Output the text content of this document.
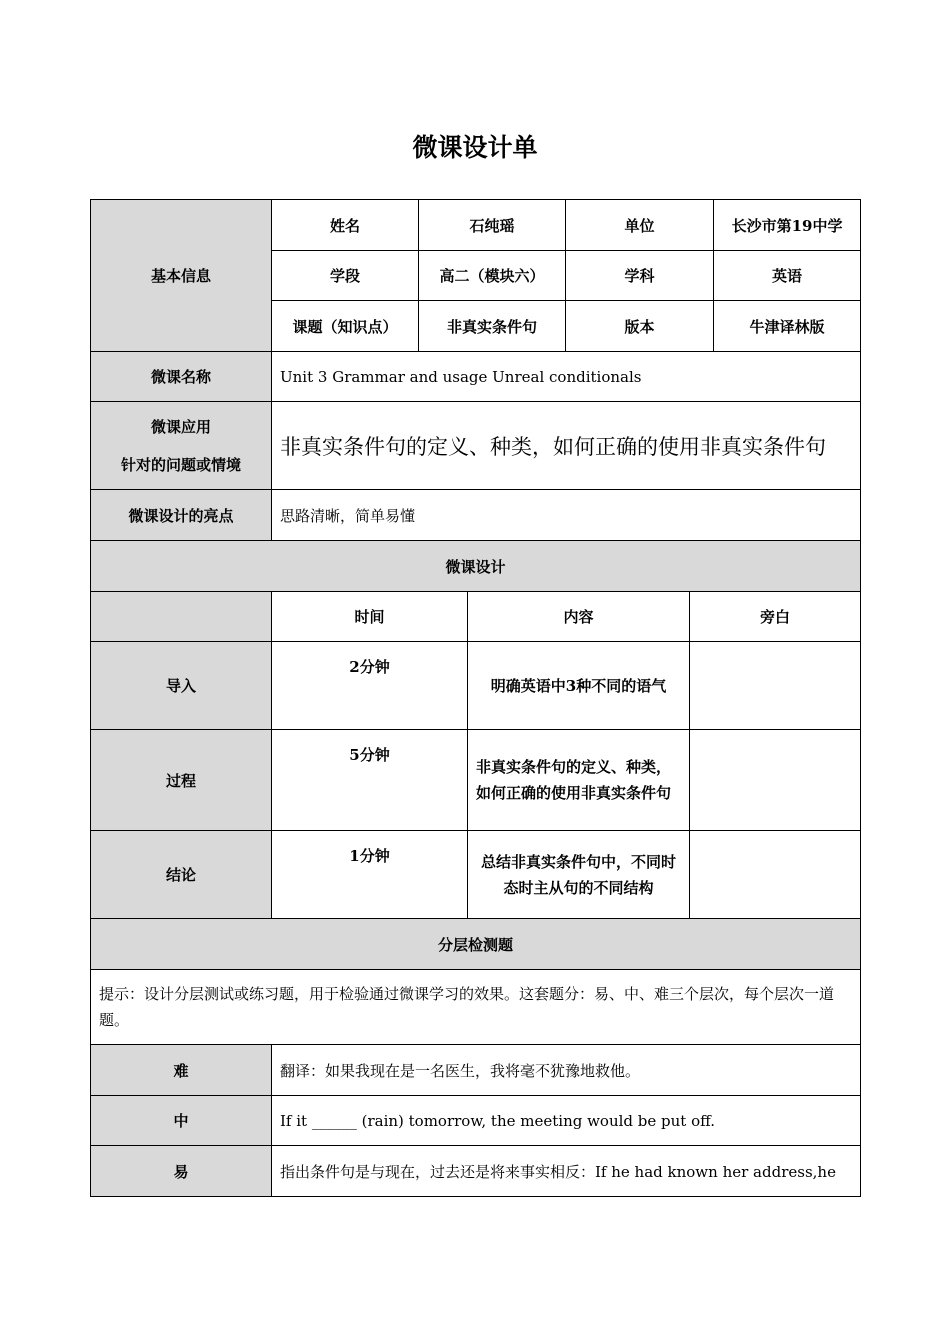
微课设计单
基本信息	姓名	石纯瑶		单位		长沙市第19中学
	学段	高二（模块六）		学科		英语
	课题（知识点）	非真实条件句		版本		牛津译林版
微课名称	Unit 3 Grammar and usage Unreal conditionals					

微课应用
针对的问题或情境	非真实条件句的定义、种类，如何正确的使用非真实条件句					
微课设计的亮点	思路清晰，简单易懂					
微课设计						
	时间		内容		旁白	
导入	2分钟		明确英语中3种不同的语气			
过程	5分钟		非真实条件句的定义、种类，如何正确的使用非真实条件句			
结论	1分钟		总结非真实条件句中，不同时态时主从句的不同结构			
分层检测题						
提示：设计分层测试或练习题，用于检验通过微课学习的效果。这套题分：易、中、难三个层次，每个层次一道题。						
难	翻译：如果我现在是一名医生，我将毫不犹豫地救他。					
中	If it ______ (rain) tomorrow, the meeting would be put off.					
易	指出条件句是与现在，过去还是将来事实相反：If he had known her address,he					
